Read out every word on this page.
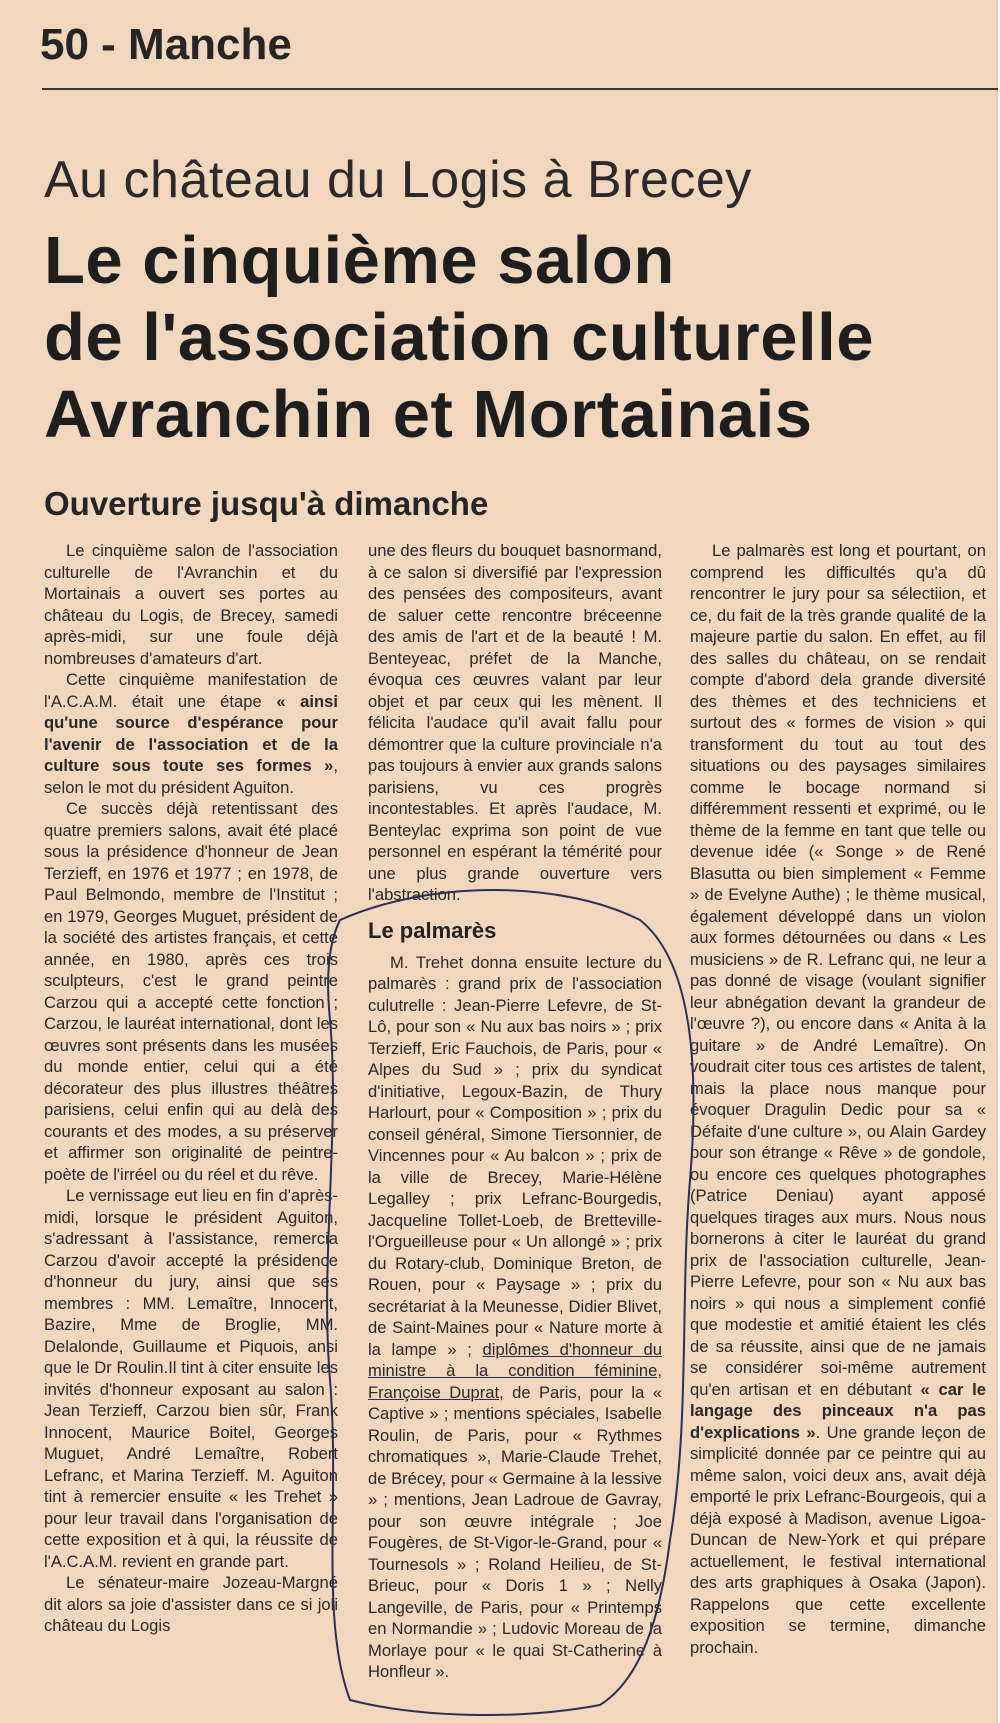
50 - Manche
Au château du Logis à Brecey
Le cinquième salon
de l'association culturelle
Avranchin et Mortainais
Ouverture jusqu'à dimanche

Le cinquième salon de l'association culturelle de l'Avranchin et du Mortainais a ouvert ses portes au château du Logis, de Brecey, samedi après-midi, sur une foule déjà nombreuses d'amateurs d'art.

Cette cinquième manifestation de l'A.C.A.M. était une étape « ainsi qu'une source d'espérance pour l'avenir de l'association et de la culture sous toute ses formes », selon le mot du président Aguiton.

Ce succès déjà retentissant des quatre premiers salons, avait été placé sous la présidence d'honneur de Jean Terzieff, en 1976 et 1977 ; en 1978, de Paul Belmondo, membre de l'Institut ; en 1979, Georges Muguet, président de la société des artistes français, et cette année, en 1980, après ces trois sculpteurs, c'est le grand peintre Carzou qui a accepté cette fonction ; Carzou, le lauréat international, dont les œuvres sont présents dans les musées du monde entier, celui qui a été décorateur des plus illustres théâtres parisiens, celui enfin qui au delà des courants et des modes, a su préserver et affirmer son originalité de peintre-poète de l'irréel ou du réel et du rêve.

Le vernissage eut lieu en fin d'après-midi, lorsque le président Aguiton, s'adressant à l'assistance, remercia Carzou d'avoir accepté la présidence d'honneur du jury, ainsi que ses membres : MM. Lemaître, Innocent, Bazire, Mme de Broglie, MM. Delalonde, Guillaume et Piquois, ansi que le Dr Roulin.Il tint à citer ensuite les invités d'honneur exposant au salon : Jean Terzieff, Carzou bien sûr, Frank Innocent, Maurice Boitel, Georges Muguet, André Lemaître, Robert Lefranc, et Marina Terzieff. M. Aguiton tint à remercier ensuite « les Trehet » pour leur travail dans l'organisation de cette exposition et à qui, la réussite de l'A.C.A.M. revient en grande part.

Le sénateur-maire Jozeau-Margné dit alors sa joie d'assister dans ce si joli château du Logis

une des fleurs du bouquet basnormand, à ce salon si diversifié par l'expression des pensées des compositeurs, avant de saluer cette rencontre bréceenne des amis de l'art et de la beauté ! M. Benteyeac, préfet de la Manche, évoqua ces œuvres valant par leur objet et par ceux qui les mènent. Il félicita l'audace qu'il avait fallu pour démontrer que la culture provinciale n'a pas toujours à envier aux grands salons parisiens, vu ces progrès incontestables. Et après l'audace, M. Benteylac exprima son point de vue personnel en espérant la témérité pour une plus grande ouverture vers l'abstraction.

Le palmarès

M. Trehet donna ensuite lecture du palmarès : grand prix de l'association culutrelle : Jean-Pierre Lefevre, de St-Lô, pour son « Nu aux bas noirs » ; prix Terzieff, Eric Fauchois, de Paris, pour « Alpes du Sud » ; prix du syndicat d'initiative, Legoux-Bazin, de Thury Harlourt, pour « Composition » ; prix du conseil général, Simone Tiersonnier, de Vincennes pour « Au balcon » ; prix de la ville de Brecey, Marie-Hélène Legalley ; prix Lefranc-Bourgedis, Jacqueline Tollet-Loeb, de Bretteville-l'Orgueilleuse pour « Un allongé » ; prix du Rotary-club, Dominique Breton, de Rouen, pour « Paysage » ; prix du secrétariat à la Meunesse, Didier Blivet, de Saint-Maines pour « Nature morte à la lampe » ; diplômes d'honneur du ministre à la condition féminine, Françoise Duprat, de Paris, pour la « Captive » ; mentions spéciales, Isabelle Roulin, de Paris, pour « Rythmes chromatiques », Marie-Claude Trehet, de Brécey, pour « Germaine à la lessive » ; mentions, Jean Ladroue de Gavray, pour son œuvre intégrale ; Joe Fougères, de St-Vigor-le-Grand, pour « Tournesols » ; Roland Heilieu, de St-Brieuc, pour « Doris 1 » ; Nelly Langeville, de Paris, pour « Printemps en Normandie » ; Ludovic Moreau de la Morlaye pour « le quai St-Catherine à Honfleur ».

Le palmarès est long et pourtant, on comprend les difficultés qu'a dû rencontrer le jury pour sa sélectiion, et ce, du fait de la très grande qualité de la majeure partie du salon. En effet, au fil des salles du château, on se rendait compte d'abord dela grande diversité des thèmes et des techniciens et surtout des « formes de vision » qui transforment du tout au tout des situations ou des paysages similaires comme le bocage normand si différemment ressenti et exprimé, ou le thème de la femme en tant que telle ou devenue idée (« Songe » de René Blasutta ou bien simplement « Femme » de Evelyne Authe) ; le thème musical, également développé dans un violon aux formes détournées ou dans « Les musiciens » de R. Lefranc qui, ne leur a pas donné de visage (voulant signifier leur abnégation devant la grandeur de l'œuvre ?), ou encore dans « Anita à la guitare » de André Lemaître). On voudrait citer tous ces artistes de talent, mais la place nous manque pour évoquer Dragulin Dedic pour sa « Défaite d'une culture », ou Alain Gardey pour son étrange « Rêve » de gondole, ou encore ces quelques photographes (Patrice Deniau) ayant apposé quelques tirages aux murs. Nous nous bornerons à citer le lauréat du grand prix de l'association culturelle, Jean-Pierre Lefevre, pour son « Nu aux bas noirs » qui nous a simplement confié que modestie et amitié étaient les clés de sa réussite, ainsi que de ne jamais se considérer soi-même autrement qu'en artisan et en débutant « car le langage des pinceaux n'a pas d'explications ». Une grande leçon de simplicité donnée par ce peintre qui au même salon, voici deux ans, avait déjà emporté le prix Lefranc-Bourgeois, qui a déjà exposé à Madison, avenue Ligoa-Duncan de New-York et qui prépare actuellement, le festival international des arts graphiques à Osaka (Japon). Rappelons que cette excellente exposition se termine, dimanche prochain.
